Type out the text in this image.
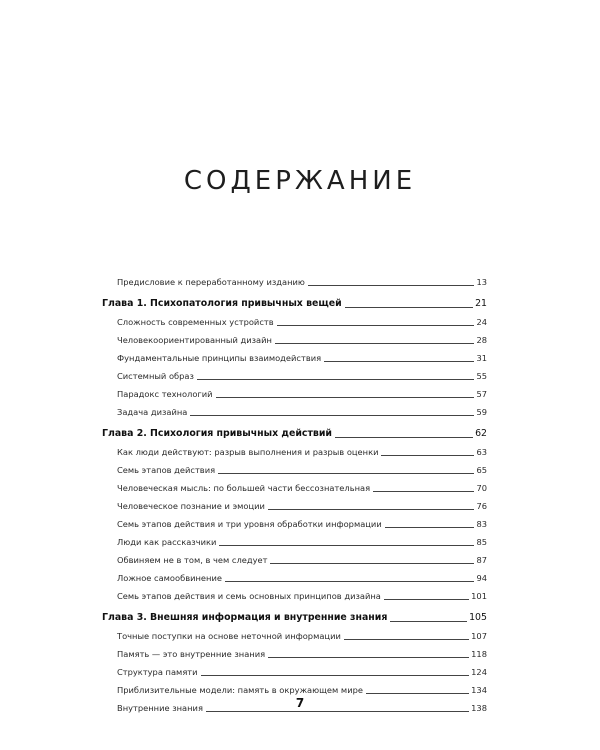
СОДЕРЖАНИЕ
Предисловие к переработанному изданию	13
Глава 1. Психопатология привычных вещей	21
Сложность современных устройств	24
Человекоориентированный дизайн	28
Фундаментальные принципы взаимодействия	31
Системный образ	55
Парадокс технологий	57
Задача дизайна	59
Глава 2. Психология привычных действий	62
Как люди действуют: разрыв выполнения и разрыв оценки	63
Семь этапов действия	65
Человеческая мысль: по большей части бессознательная	70
Человеческое познание и эмоции	76
Семь этапов действия и три уровня обработки информации	83
Люди как рассказчики	85
Обвиняем не в том, в чем следует	87
Ложное самообвинение	94
Семь этапов действия и семь основных принципов дизайна	101
Глава 3. Внешняя информация и внутренние знания	105
Точные поступки на основе неточной информации	107
Память — это внутренние знания	118
Структура памяти	124
Приблизительные модели: память в окружающем мире	134
Внутренние знания	138
7
